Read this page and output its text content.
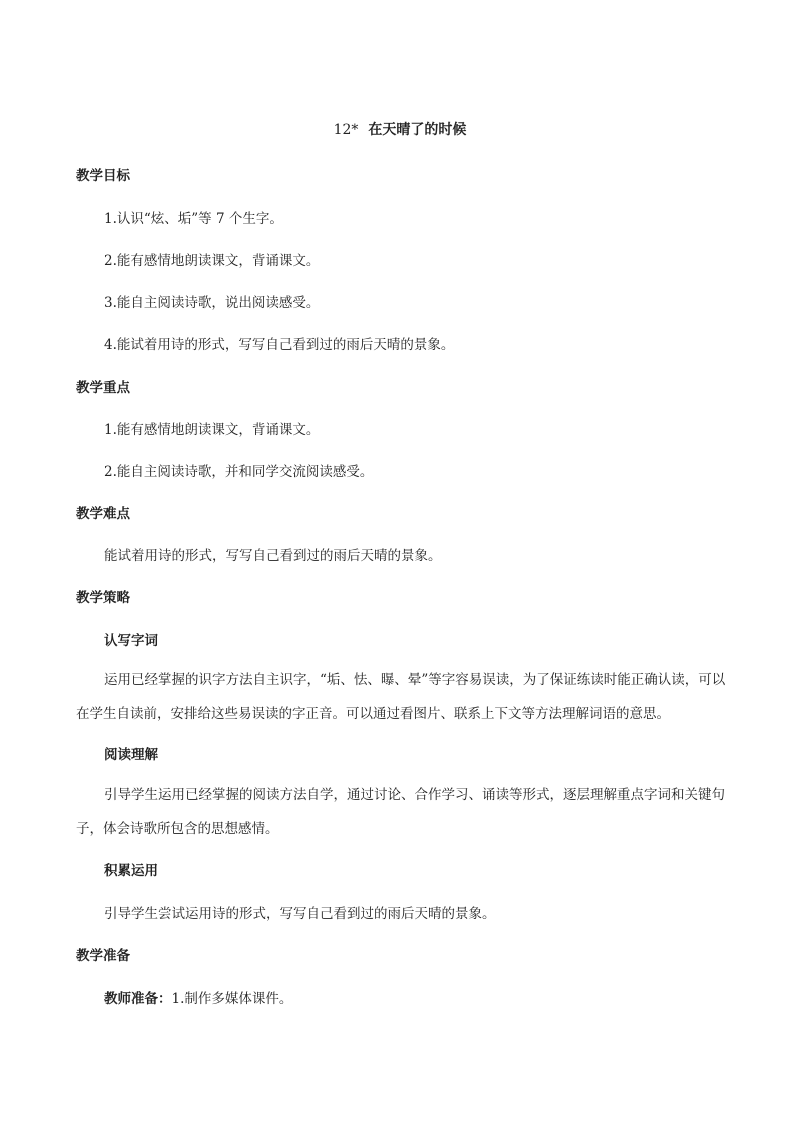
12* 在天晴了的时候
教学目标
1.认识“炫、垢”等 7 个生字。
2.能有感情地朗读课文，背诵课文。
3.能自主阅读诗歌，说出阅读感受。
4.能试着用诗的形式，写写自己看到过的雨后天晴的景象。
教学重点
1.能有感情地朗读课文，背诵课文。
2.能自主阅读诗歌，并和同学交流阅读感受。
教学难点
能试着用诗的形式，写写自己看到过的雨后天晴的景象。
教学策略
认写字词
运用已经掌握的识字方法自主识字，“垢、怯、曝、晕”等字容易误读，为了保证练读时能正确认读，可以在学生自读前，安排给这些易误读的字正音。可以通过看图片、联系上下文等方法理解词语的意思。
阅读理解
引导学生运用已经掌握的阅读方法自学，通过讨论、合作学习、诵读等形式，逐层理解重点字词和关键句子，体会诗歌所包含的思想感情。
积累运用
引导学生尝试运用诗的形式，写写自己看到过的雨后天晴的景象。
教学准备
教师准备：1.制作多媒体课件。
